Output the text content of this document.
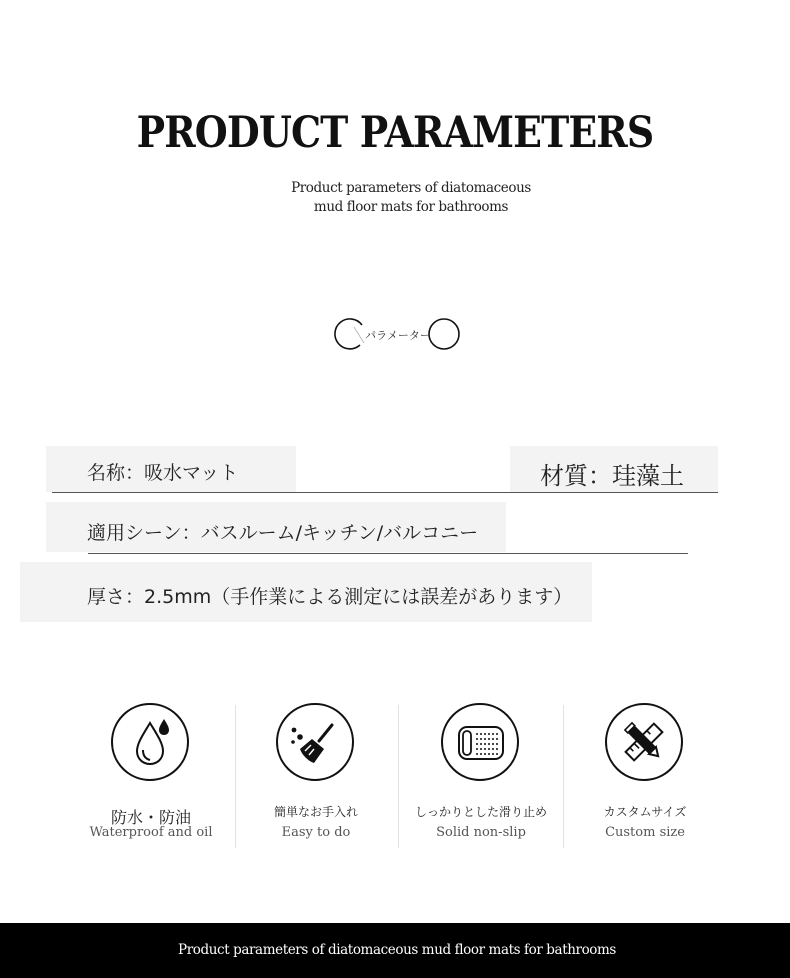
PRODUCT PARAMETERS
Product parameters of diatomaceous
mud floor mats for bathrooms
パラメーター
名称：吸水マット	材質：珪藻土
適用シーン：バスルーム/キッチン/バルコニー
厚さ：2.5mm（手作業による測定には誤差があります）
防水・防油
Waterproof and oil
簡単なお手入れ
Easy to do
しっかりとした滑り止め
Solid non-slip
カスタムサイズ
Custom size
Product parameters of diatomaceous mud floor mats for bathrooms
